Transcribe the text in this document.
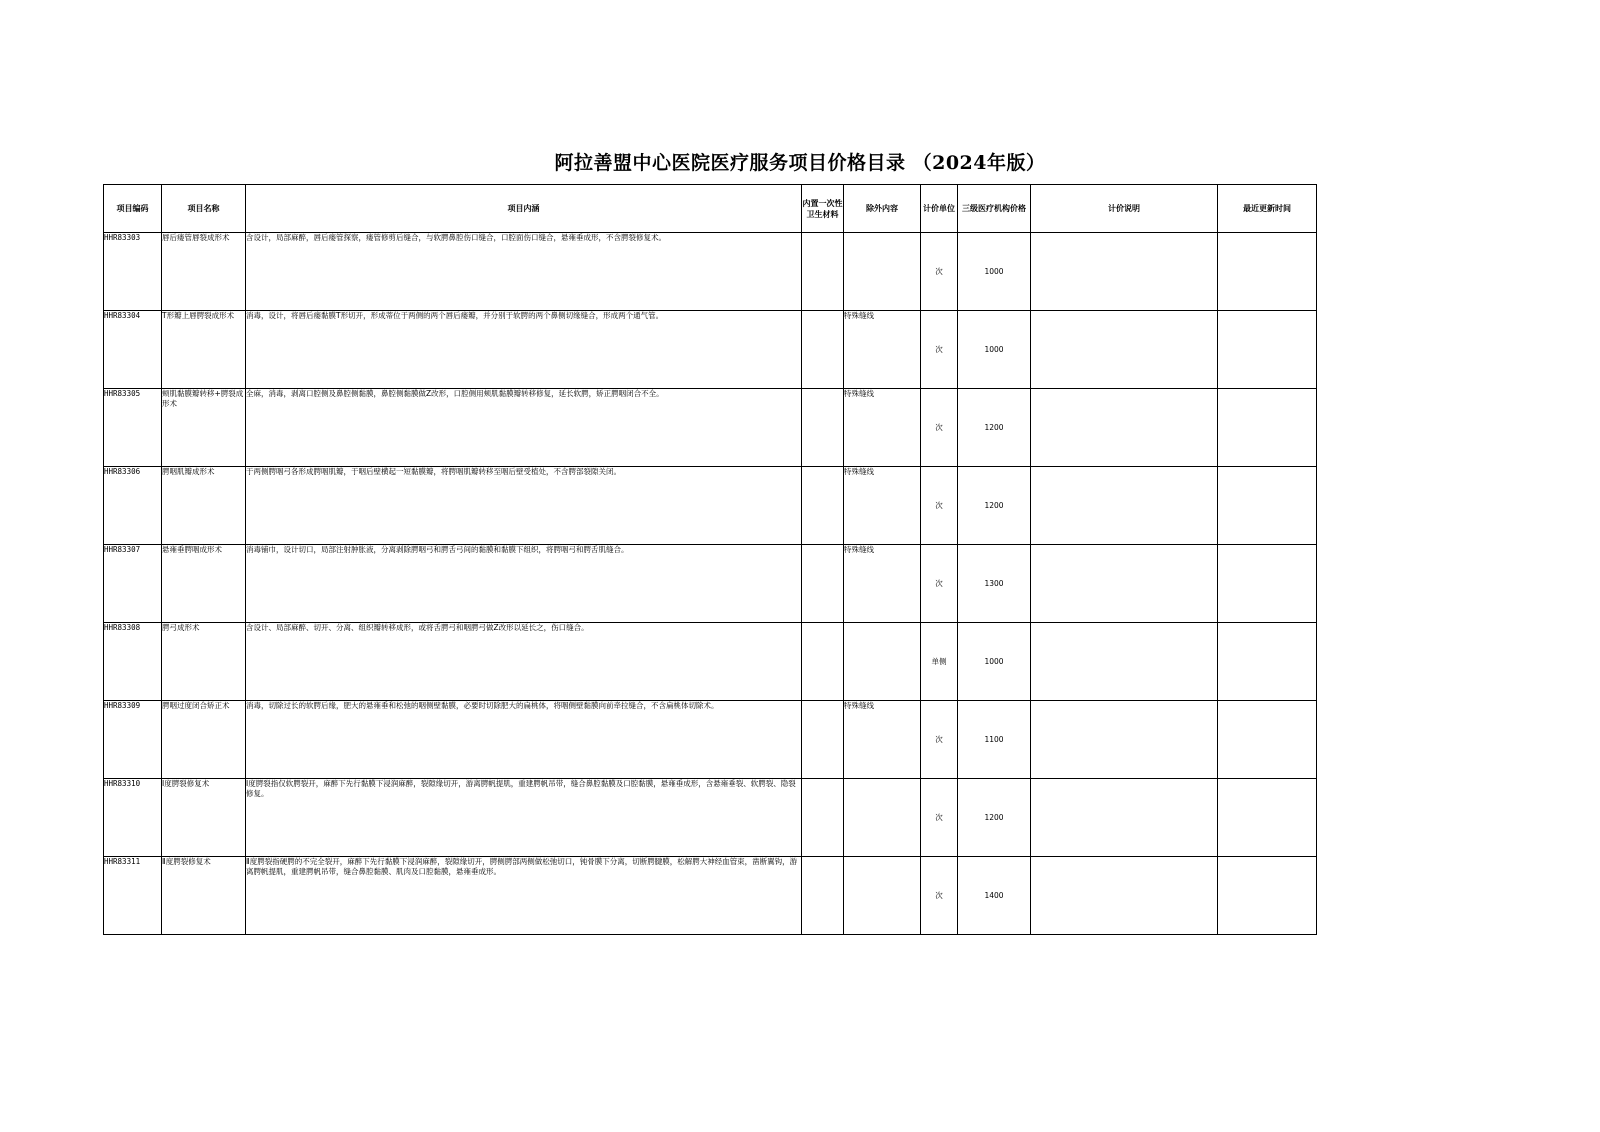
阿拉善盟中心医院医疗服务项目价格目录 （2024年版）
项目编码	项目名称	项目内涵	内置一次性卫生材料	除外内容	计价单位	三级医疗机构价格	计价说明	最近更新时间
HHR83303	唇后瘘管唇裂成形术	含设计，局部麻醉，唇后瘘管探察，瘘管修剪后缝合，与软腭鼻腔伤口缝合，口腔面伤口缝合，悬雍垂成形，不含腭裂修复术。			次	1000		
HHR83304	T形瓣上唇腭裂成形术	消毒，设计，将唇后瘘黏膜T形切开，形成蒂位于两侧的两个唇后瘘瓣，并分别于软腭的两个鼻侧切缘缝合，形成两个通气管。		特殊缝线	次	1000		
HHR83305	颊肌黏膜瓣转移+腭裂成形术	全麻，消毒，剥离口腔侧及鼻腔侧黏膜，鼻腔侧黏膜做Z改形，口腔侧用颊肌黏膜瓣转移修复，延长软腭，矫正腭咽闭合不全。		特殊缝线	次	1200		
HHR83306	腭咽肌瓣成形术	于两侧腭咽弓各形成腭咽肌瓣，于咽后壁横起一短黏膜瓣，将腭咽肌瓣转移至咽后壁受植处，不含腭部裂隙关闭。		特殊缝线	次	1200		
HHR83307	悬雍垂腭咽成形术	消毒铺巾，设计切口，局部注射肿胀液，分离剥除腭咽弓和腭舌弓间的黏膜和黏膜下组织，将腭咽弓和腭舌肌缝合。		特殊缝线	次	1300		
HHR83308	腭弓成形术	含设计、局部麻醉、切开、分离、组织瓣转移成形，或将舌腭弓和咽腭弓做Z改形以延长之，伤口缝合。			单侧	1000		
HHR83309	腭咽过度闭合矫正术	消毒，切除过长的软腭后缘，肥大的悬雍垂和松弛的咽侧壁黏膜，必要时切除肥大的扁桃体，将咽侧壁黏膜向前牵拉缝合，不含扁桃体切除术。		特殊缝线	次	1100		
HHR83310	Ⅰ度腭裂修复术	Ⅰ度腭裂指仅软腭裂开，麻醉下先行黏膜下浸润麻醉，裂隙缘切开，游离腭帆提肌，重建腭帆吊带，缝合鼻腔黏膜及口腔黏膜，悬雍垂成形，含悬雍垂裂、软腭裂、隐裂修复。			次	1200		
HHR83311	Ⅱ度腭裂修复术	Ⅱ度腭裂指硬腭的不完全裂开，麻醉下先行黏膜下浸润麻醉，裂隙缘切开，腭侧腭部两侧做松弛切口，钝骨膜下分离，切断腭腱膜，松解腭大神经血管束，凿断翼钩，游离腭帆提肌，重建腭帆吊带，缝合鼻腔黏膜、肌肉及口腔黏膜，悬雍垂成形。			次	1400		
